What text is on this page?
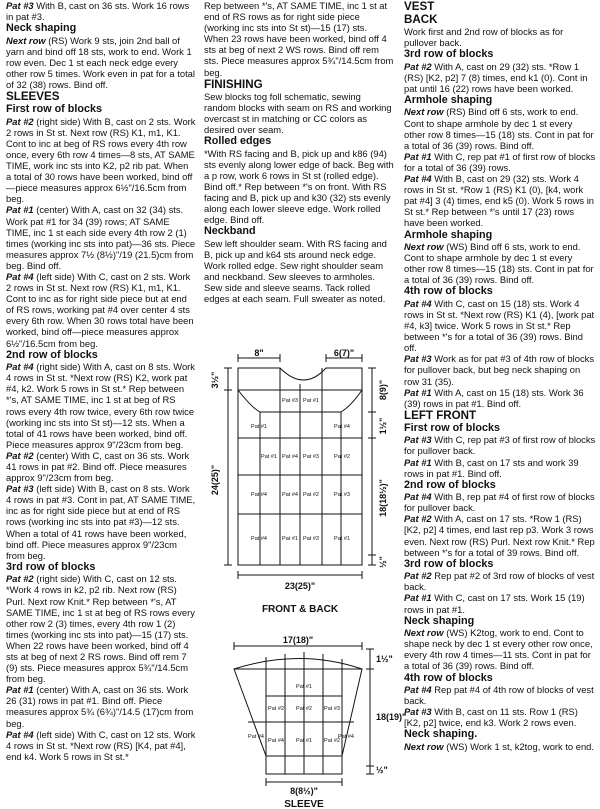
Pat #3 With B, cast on 36 sts. Work 16 rows in pat #3.
Neck shaping
Next row (RS) Work 9 sts, join 2nd ball of yarn and bind off 18 sts, work to end. Work 1 row even. Dec 1 st each neck edge every other row 5 times. Work even in pat for a total of 32 (38) rows. Bind off.
SLEEVES
First row of blocks
Pat #2 (right side) With B, cast on 2 sts. Work 2 rows in St st. Next row (RS) K1, m1, K1. Cont to inc at beg of RS rows every 4th row once, every 6th row 4 times—8 sts, AT SAME TIME, work inc sts into K2, p2 rib pat. When a total of 30 rows have been worked, bind off—piece measures approx 6½"/16.5cm from beg.
Pat #1 (center) With A, cast on 32 (34) sts. Work pat #1 for 34 (39) rows; AT SAME TIME, inc 1 st each side every 4th row 2 (1) times (working inc sts into pat)—36 sts. Piece measures approx 7½ (8½)"/19 (21.5)cm from beg. Bind off.
Pat #4 (left side) With C, cast on 2 sts. Work 2 rows in St st. Next row (RS) K1, m1, K1. Cont to inc as for right side piece but at end of RS rows, working pat #4 over center 4 sts every 6th row. When 30 rows total have been worked, bind off—piece measures approx 6½"/16.5cm from beg.
2nd row of blocks
Pat #4 (right side) With A, cast on 8 sts. Work 4 rows in St st. *Next row (RS) K2, work pat #4, k2. Work 5 rows in St st.* Rep between *'s, AT SAME TIME, inc 1 st at beg of RS rows every 4th row twice, every 6th row twice (working inc sts into St st)—12 sts. When a total of 41 rows have been worked, bind off. Piece measures approx 9"/23cm from beg.
Pat #2 (center) With C, cast on 36 sts. Work 41 rows in pat #2. Bind off. Piece measures approx 9"/23cm from beg.
Pat #3 (left side) With B, cast on 8 sts. Work 4 rows in pat #3. Cont in pat, AT SAME TIME, inc as for right side piece but at end of RS rows (working inc sts into pat #3)—12 sts. When a total of 41 rows have been worked, bind off. Piece measures approx 9"/23cm from beg.
3rd row of blocks
Pat #2 (right side) With C, cast on 12 sts. *Work 4 rows in k2, p2 rib. Next row (RS) Purl. Next row Knit.* Rep between *'s, AT SAME TIME, inc 1 st at beg of RS rows every other row 2 (3) times, every 4th row 1 (2) times (working inc sts into pat)—15 (17) sts. When 22 rows have been worked, bind off 4 sts at beg of next 2 RS rows. Bind off rem 7 (9) sts. Piece measures approx 5¾"/14.5cm from beg.
Pat #1 (center) With A, cast on 36 sts. Work 26 (31) rows in pat #1. Bind off. Piece measures approx 5¾ (6¾)"/14.5 (17)cm from beg.
Pat #4 (left side) With C, cast on 12 sts. Work 4 rows in St st. *Next row (RS) [K4, pat #4], end k4. Work 5 rows in St st.*
Rep between *'s, AT SAME TIME, inc 1 st at end of RS rows as for right side piece (working inc sts into St st)—15 (17) sts. When 23 rows have been worked, bind off 4 sts at beg of next 2 WS rows. Bind off rem sts. Piece measures approx 5¾"/14.5cm from beg.
FINISHING
Sew blocks tog foll schematic, sewing random blocks with seam on RS and working overcast st in matching or CC colors as desired over seam.
Rolled edges
*With RS facing and B, pick up and k86 (94) sts evenly along lower edge of back. Beg with a p row, work 6 rows in St st (rolled edge). Bind off.* Rep between *'s on front. With RS facing and B, pick up and k30 (32) sts evenly along each lower sleeve edge. Work rolled edge. Bind off.
Neckband
Sew left shoulder seam. With RS facing and B, pick up and k64 sts around neck edge. Work rolled edge. Sew right shoulder seam and neckband. Sew sleeves to armholes. Sew side and sleeve seams. Tack rolled edges at each seam. Full sweater as noted.
VEST
BACK
Work first and 2nd row of blocks as for pullover back.
3rd row of blocks
Pat #2 With A, cast on 29 (32) sts. *Row 1 (RS) [K2, p2] 7 (8) times, end k1 (0). Cont in pat until 16 (22) rows have been worked.
Armhole shaping
Next row (RS) Bind off 6 sts, work to end. Cont to shape armhole by dec 1 st every other row 8 times—15 (18) sts. Cont in pat for a total of 36 (39) rows. Bind off.
Pat #1 With C, rep pat #1 of first row of blocks for a total of 36 (39) rows.
Pat #4 With B, cast on 29 (32) sts. Work 4 rows in St st. *Row 1 (RS) K1 (0), [k4, work pat #4] 3 (4) times, end k5 (0). Work 5 rows in St st.* Rep between *'s until 17 (23) rows have been worked.
Armhole shaping
Next row (WS) Bind off 6 sts, work to end. Cont to shape armhole by dec 1 st every other row 8 times—15 (18) sts. Cont in pat for a total of 36 (39) rows. Bind off.
4th row of blocks
Pat #4 With C, cast on 15 (18) sts. Work 4 rows in St st. *Next row (RS) K1 (4), [work pat #4, k3] twice. Work 5 rows in St st.* Rep between *'s for a total of 36 (39) rows. Bind off.
Pat #3 Work as for pat #3 of 4th row of blocks for pullover back, but beg neck shaping on row 31 (35).
Pat #1 With A, cast on 15 (18) sts. Work 36 (39) rows in pat #1. Bind off.
LEFT FRONT
First row of blocks
Pat #3 With C, rep pat #3 of first row of blocks for pullover back.
Pat #1 With B, cast on 17 sts and work 39 rows in pat #1. Bind off.
2nd row of blocks
Pat #4 With B, rep pat #4 of first row of blocks for pullover back.
Pat #2 With A, cast on 17 sts. *Row 1 (RS) [K2, p2] 4 times, end last rep p3. Work 3 rows even. Next row (RS) Purl. Next row Knit.* Rep between *'s for a total of 39 rows. Bind off.
3rd row of blocks
Pat #2 Rep pat #2 of 3rd row of blocks of vest back.
Pat #1 With C, cast on 17 sts. Work 15 (19) rows in pat #1.
Neck shaping
Next row (WS) K2tog, work to end. Cont to shape neck by dec 1 st every other row once, every 4th row 4 times—11 sts. Cont in pat for a total of 36 (39) rows. Bind off.
4th row of blocks
Pat #4 Rep pat #4 of 4th row of blocks of vest back.
Pat #3 With B, cast on 11 sts. Row 1 (RS) [K2, p2] twice, end k3. Work 2 rows even.
Neck shaping.
Next row (WS) Work 1 st, k2tog, work to end.
Pat #1
Pat #3 Pat #1
Pat #4
Pat #1 Pat #4 Pat #3	Pat #2
Pat #4	Pat #4 Pat #2	Pat #3
Pat #4	Pat #1 Pat #3	Pat #1
8"	6(7)"
3½"
24(25)"
8(9)"
1½"
18(18½)"
½"
23(25)"
FRONT & BACK
Pat #1
Pat #4
Pat #2 Pat #2 Pat #3
Pat #4
Pat #4 Pat #1 Pat #2
17(18)"
1½"
18(19)"
½"
8(8½)"
SLEEVE
